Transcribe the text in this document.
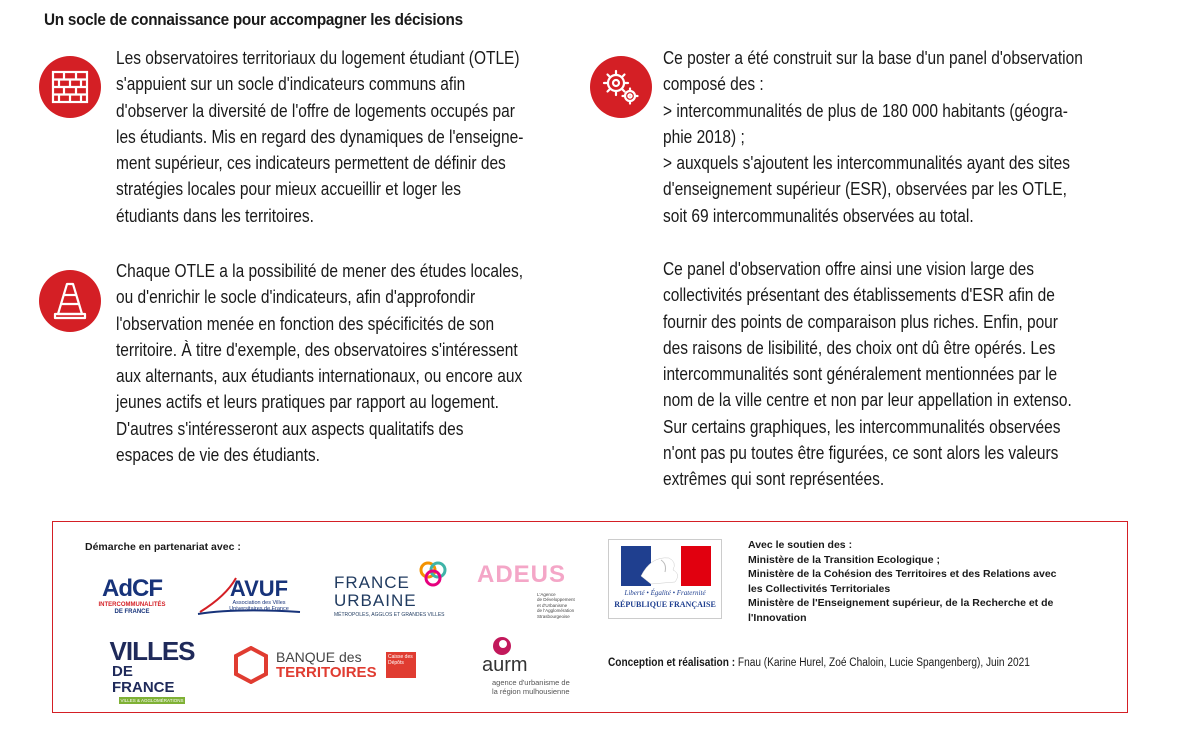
Un socle de connaissance pour accompagner les décisions
Les observatoires territoriaux du logement étudiant (OTLE)
s'appuient sur un socle d'indicateurs communs afin
d'observer la diversité de l'offre de logements occupés par
les étudiants. Mis en regard des dynamiques de l'enseigne-
ment supérieur, ces indicateurs permettent de définir des
stratégies locales pour mieux accueillir et loger les
étudiants dans les territoires.
Chaque OTLE a la possibilité de mener des études locales,
ou d'enrichir le socle d'indicateurs, afin d'approfondir
l'observation menée en fonction des spécificités de son
territoire. À titre d'exemple, des observatoires s'intéressent
aux alternants, aux étudiants internationaux, ou encore aux
jeunes actifs et leurs pratiques par rapport au logement.
D'autres s'intéresseront aux aspects qualitatifs des
espaces de vie des étudiants.
Ce poster a été construit sur la base d'un panel d'observation
composé des :
> intercommunalités de plus de 180 000 habitants (géogra-
phie 2018) ;
> auxquels s'ajoutent les intercommunalités ayant des sites
d'enseignement supérieur (ESR), observées par les OTLE,
soit 69 intercommunalités observées au total.
Ce panel d'observation offre ainsi une vision large des
collectivités présentant des établissements d'ESR afin de
fournir des points de comparaison plus riches. Enfin, pour
des raisons de lisibilité, des choix ont dû être opérés. Les
intercommunalités sont généralement mentionnées par le
nom de la ville centre et non par leur appellation in extenso.
Sur certains graphiques, les intercommunalités observées
n'ont pas pu toutes être figurées, ce sont alors les valeurs
extrêmes qui sont représentées.
Démarche en partenariat avec :
AdCF
INTERCOMMUNALITÉS
DE FRANCE
AVUF
Association des Villes
Universitaires de France
FRANCE
URBAINE
MÉTROPOLES, AGGLOS ET GRANDES VILLES
ADEUS
L'Agence
de Développement
et d'Urbanisme
de l'Agglomération
Strasbourgeoise
VILLES
DE FRANCE
VILLES & AGGLOMÉRATIONS
BANQUE des
TERRITOIRES
Caisse des Dépôts	aurm
agence d'urbanisme de
la région mulhousienne
Liberté • Égalité • Fraternité
RÉPUBLIQUE FRANÇAISE
Avec le soutien des :
Ministère de la Transition Ecologique ;
Ministère de la Cohésion des Territoires et des Relations avec
les Collectivités Territoriales
Ministère de l'Enseignement supérieur, de la Recherche et de
l'Innovation
Conception et réalisation : Fnau (Karine Hurel, Zoé Chaloin, Lucie Spangenberg), Juin 2021
